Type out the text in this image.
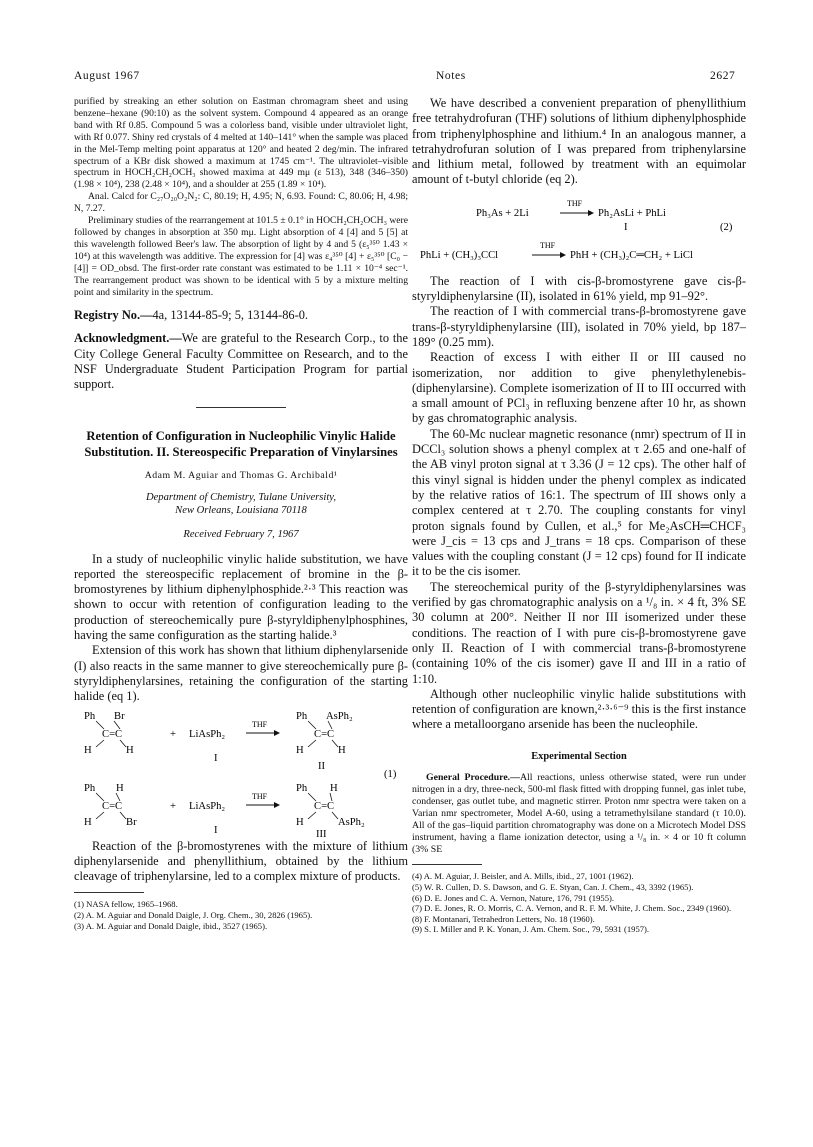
August 1967	Notes	2627

purified by streaking an ether solution on Eastman chromagram sheet and using benzene–hexane (90:10) as the solvent system. Compound 4 appeared as an orange band with Rf 0.85. Compound 5 was a colorless band, visible under ultraviolet light, with Rf 0.077. Shiny red crystals of 4 melted at 140–141° when the sample was placed in the Mel-Temp melting point apparatus at 120° and heated 2 deg/min. The infrared spectrum of a KBr disk showed a maximum at 1745 cm⁻¹. The ultraviolet–visible spectrum in HOCH₂CH₂OCH₃ showed maxima at 449 mμ (ε 513), 348 (346–350) (1.98 × 10⁴), 238 (2.48 × 10⁴), and a shoulder at 255 (1.89 × 10⁴).

Anal. Calcd for C₂₇O₂₀O₂N₂: C, 80.19; H, 4.95; N, 6.93. Found: C, 80.06; H, 4.98; N, 7.27.

Preliminary studies of the rearrangement at 101.5 ± 0.1° in HOCH₂CH₂OCH₃ were followed by changes in absorption at 350 mμ. Light absorption of 4 [4] and 5 [5] at this wavelength followed Beer's law. The absorption of light by 4 and 5 (ε₅³⁵⁰ 1.43 × 10⁴) at this wavelength was additive. The expression for [4] was ε₄³⁵⁰ [4] + ε₅³⁵⁰ [C₀ − [4]] = OD_obsd. The first-order rate constant was estimated to be 1.11 × 10⁻⁴ sec⁻¹. The rearrangement product was shown to be identical with 5 by a mixture melting point and similarity in the spectrum.

Registry No.—4a, 13144-85-9; 5, 13144-86-0.

Acknowledgment.—We are grateful to the Research Corp., to the City College General Faculty Committee on Research, and to the NSF Undergraduate Student Participation Program for partial support.

Retention of Configuration in Nucleophilic Vinylic Halide Substitution. II. Stereospecific Preparation of Vinylarsines

Adam M. Aguiar and Thomas G. Archibald¹

Department of Chemistry, Tulane University,
New Orleans, Louisiana 70118

Received February 7, 1967

In a study of nucleophilic vinylic halide substitution, we have reported the stereospecific replacement of bromine in the β-bromostyrenes by lithium diphenylphosphide.²·³ This reaction was shown to occur with retention of configuration leading to the production of stereochemically pure β-styryldiphenylphosphines, having the same configuration as the starting halide.³

Extension of this work has shown that lithium diphenylarsenide (I) also reacts in the same manner to give stereochemically pure β-styryldiphenylarsines, retaining the configuration of the starting halide (eq 1).

Ph Br
C=C
H	H
+ LiAsPh₂
I
THF
Ph AsPh₂
C=C
H	H
II
(1)
Ph H
C=C
H	Br
+ LiAsPh₂
I
THF
Ph H
C=C
H	AsPh₂
III

Reaction of the β-bromostyrenes with the mixture of lithium diphenylarsenide and phenyllithium, obtained by the lithium cleavage of triphenylarsine, led to a complex mixture of products.

(1) NASA fellow, 1965–1968.

(2) A. M. Aguiar and Donald Daigle, J. Org. Chem., 30, 2826 (1965).

(3) A. M. Aguiar and Donald Daigle, ibid., 3527 (1965).

We have described a convenient preparation of phenyllithium free tetrahydrofuran (THF) solutions of lithium diphenylphosphide from triphenylphosphine and lithium.⁴ In an analogous manner, a tetrahydrofuran solution of I was prepared from triphenylarsine and lithium metal, followed by treatment with an equimolar amount of t-butyl chloride (eq 2).

Ph₃As + 2Li
THF
Ph₂AsLi + PhLi
I	(2)
PhLi + (CH₃)₃CCl
THF
PhH + (CH₃)₂C═CH₂ + LiCl

The reaction of I with cis-β-bromostyrene gave cis-β-styryldiphenylarsine (II), isolated in 61% yield, mp 91–92°.

The reaction of I with commercial trans-β-bromostyrene gave trans-β-styryldiphenylarsine (III), isolated in 70% yield, bp 187–189° (0.25 mm).

Reaction of excess I with either II or III caused no isomerization, nor addition to give phenylethylenebis-(diphenylarsine). Complete isomerization of II to III occurred with a small amount of PCl₃ in refluxing benzene after 10 hr, as shown by gas chromatographic analysis.

The 60-Mc nuclear magnetic resonance (nmr) spectrum of II in DCCl₃ solution shows a phenyl complex at τ 2.65 and one-half of the AB vinyl proton signal at τ 3.36 (J = 12 cps). The other half of this vinyl signal is hidden under the phenyl complex as indicated by the relative ratios of 16:1. The spectrum of III shows only a complex centered at τ 2.70. The coupling constants for vinyl proton signals found by Cullen, et al.,⁵ for Me₂AsCH═CHCF₃ were J_cis = 13 cps and J_trans = 18 cps. Comparison of these values with the coupling constant (J = 12 cps) found for II indicate it to be the cis isomer.

The stereochemical purity of the β-styryldiphenylarsines was verified by gas chromatographic analysis on a ¹/₈ in. × 4 ft, 3% SE 30 column at 200°. Neither II nor III isomerized under these conditions. The reaction of I with pure cis-β-bromostyrene gave only II. Reaction of I with commercial trans-β-bromostyrene (containing 10% of the cis isomer) gave II and III in a ratio of 1:10.

Although other nucleophilic vinylic halide substitutions with retention of configuration are known,²·³·⁶⁻⁹ this is the first instance where a metalloorgano arsenide has been the nucleophile.

Experimental Section

General Procedure.—All reactions, unless otherwise stated, were run under nitrogen in a dry, three-neck, 500-ml flask fitted with dropping funnel, gas inlet tube, condenser, gas outlet tube, and magnetic stirrer. Proton nmr spectra were taken on a Varian nmr spectrometer, Model A-60, using a tetramethylsilane standard (τ 10.0). All of the gas–liquid partition chromatography was done on a Microtech Model DSS instrument, having a flame ionization detector, using a ¹/₈ in. × 4 or 10 ft column (3% SE

(4) A. M. Aguiar, J. Beisler, and A. Mills, ibid., 27, 1001 (1962).

(5) W. R. Cullen, D. S. Dawson, and G. E. Styan, Can. J. Chem., 43, 3392 (1965).

(6) D. E. Jones and C. A. Vernon, Nature, 176, 791 (1955).

(7) D. E. Jones, R. O. Morris, C. A. Vernon, and R. F. M. White, J. Chem. Soc., 2349 (1960).

(8) F. Montanari, Tetrahedron Letters, No. 18 (1960).

(9) S. I. Miller and P. K. Yonan, J. Am. Chem. Soc., 79, 5931 (1957).
